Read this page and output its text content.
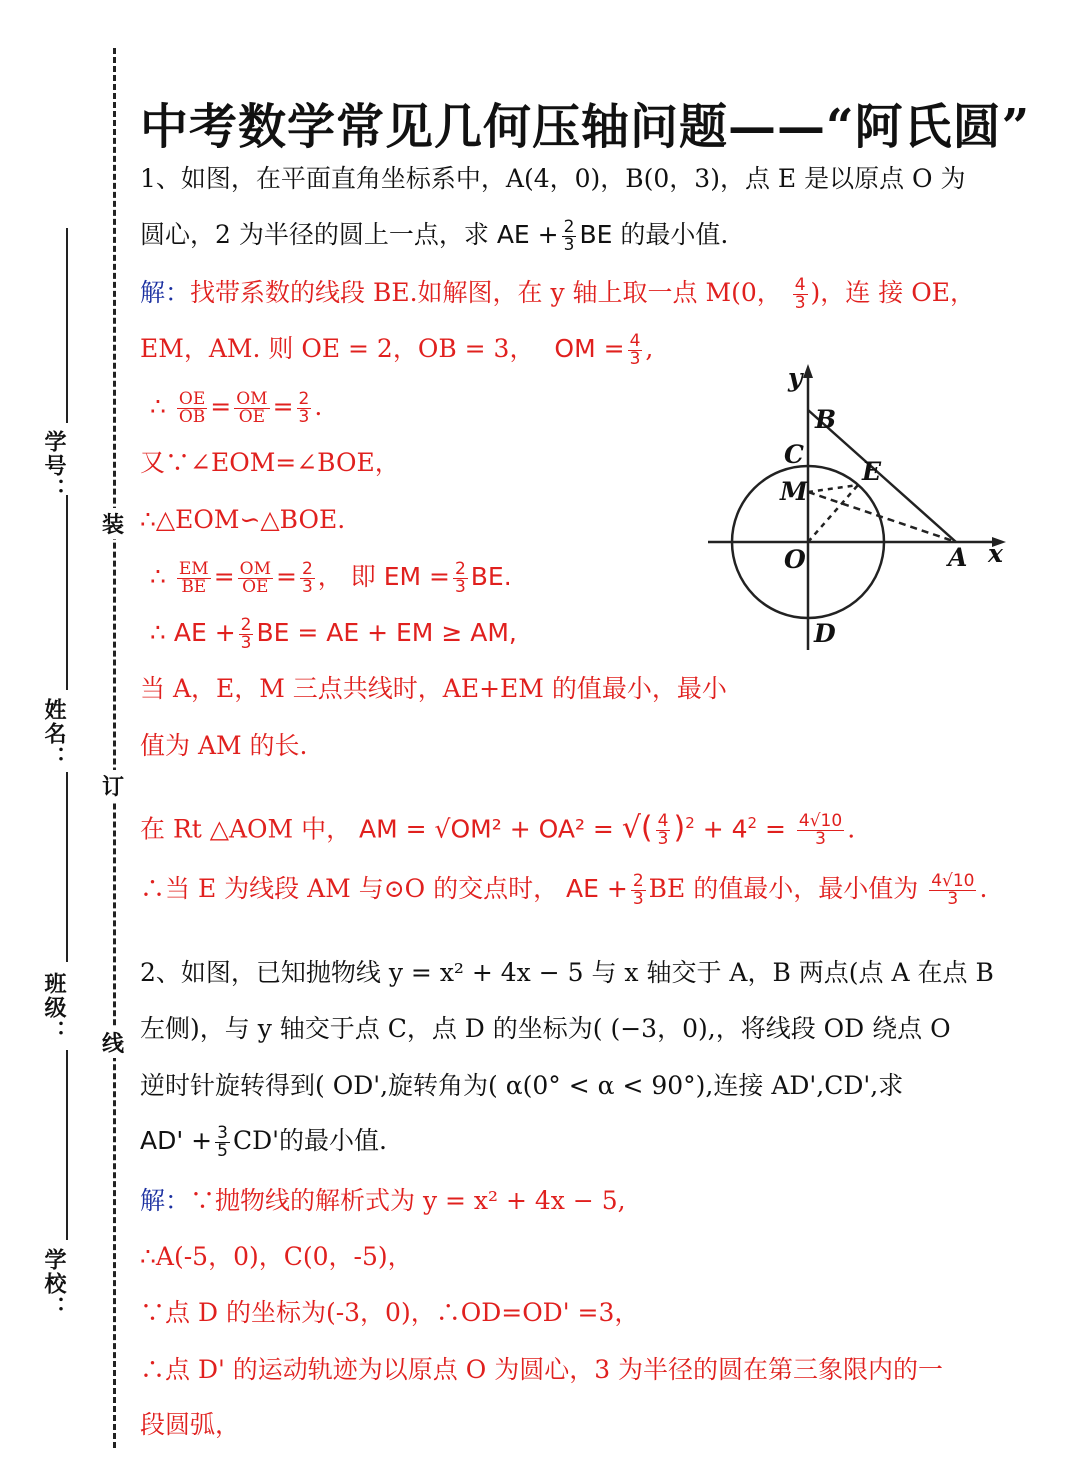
学号：
姓名：
班级：
学校：
装
订
线
中考数学常见几何压轴问题——“阿氏圆”
1、如图，在平面直角坐标系中，A(4，0)，B(0，3)，点 E 是以原点 O 为
圆心，2 为半径的圆上一点，求 AE + $\frac{2}{3}$ BE 的最小值.
解：找带系数的线段 BE.如解图，在 y 轴上取一点 M(0， $\frac{4}{3}$ )，连 接 OE，
EM，AM. 则 OE = 2，OB = 3， OM = $\frac{4}{3}$ ,
∴ $\frac{OE}{OB} = \frac{OM}{OE} = \frac{2}{3}$ .
又∵∠EOM=∠BOE，
∴△EOM∽△BOE.
∴ $\frac{EM}{BE} = \frac{OM}{OE} = \frac{2}{3}$ ， 即 EM = $\frac{2}{3}$ BE.
∴ AE + $\frac{2}{3}$ BE = AE + EM ≥ AM,
当 A，E，M 三点共线时，AE+EM 的值最小，最小
值为 AM 的长.
在 Rt △AOM 中， AM = √OM² + OA² = √( $\frac{4}{3} )^2 + 4^2 = \frac{4√10}{3}$ .
∴当 E 为线段 AM 与⊙O 的交点时， AE + $\frac{2}{3}$ BE 的值最小，最小值为 $\frac{4√10}{3}$ .
y
x
B
C
E
M
O	A
D
2、如图，已知抛物线 y = x² + 4x − 5 与 x 轴交于 A，B 两点(点 A 在点 B
左侧)，与 y 轴交于点 C，点 D 的坐标为( (−3，0),，将线段 OD 绕点 O
逆时针旋转得到( OD',旋转角为( α(0° < α < 90°),连接 AD',CD',求
$AD' + \frac{3}{5} CD'$的最小值.
解：∵抛物线的解析式为 y = x² + 4x − 5,
∴A(-5，0)，C(0，-5)，
∵点 D 的坐标为(-3，0)，∴OD=OD' =3，
∴点 D' 的运动轨迹为以原点 O 为圆心，3 为半径的圆在第三象限内的一
段圆弧，
